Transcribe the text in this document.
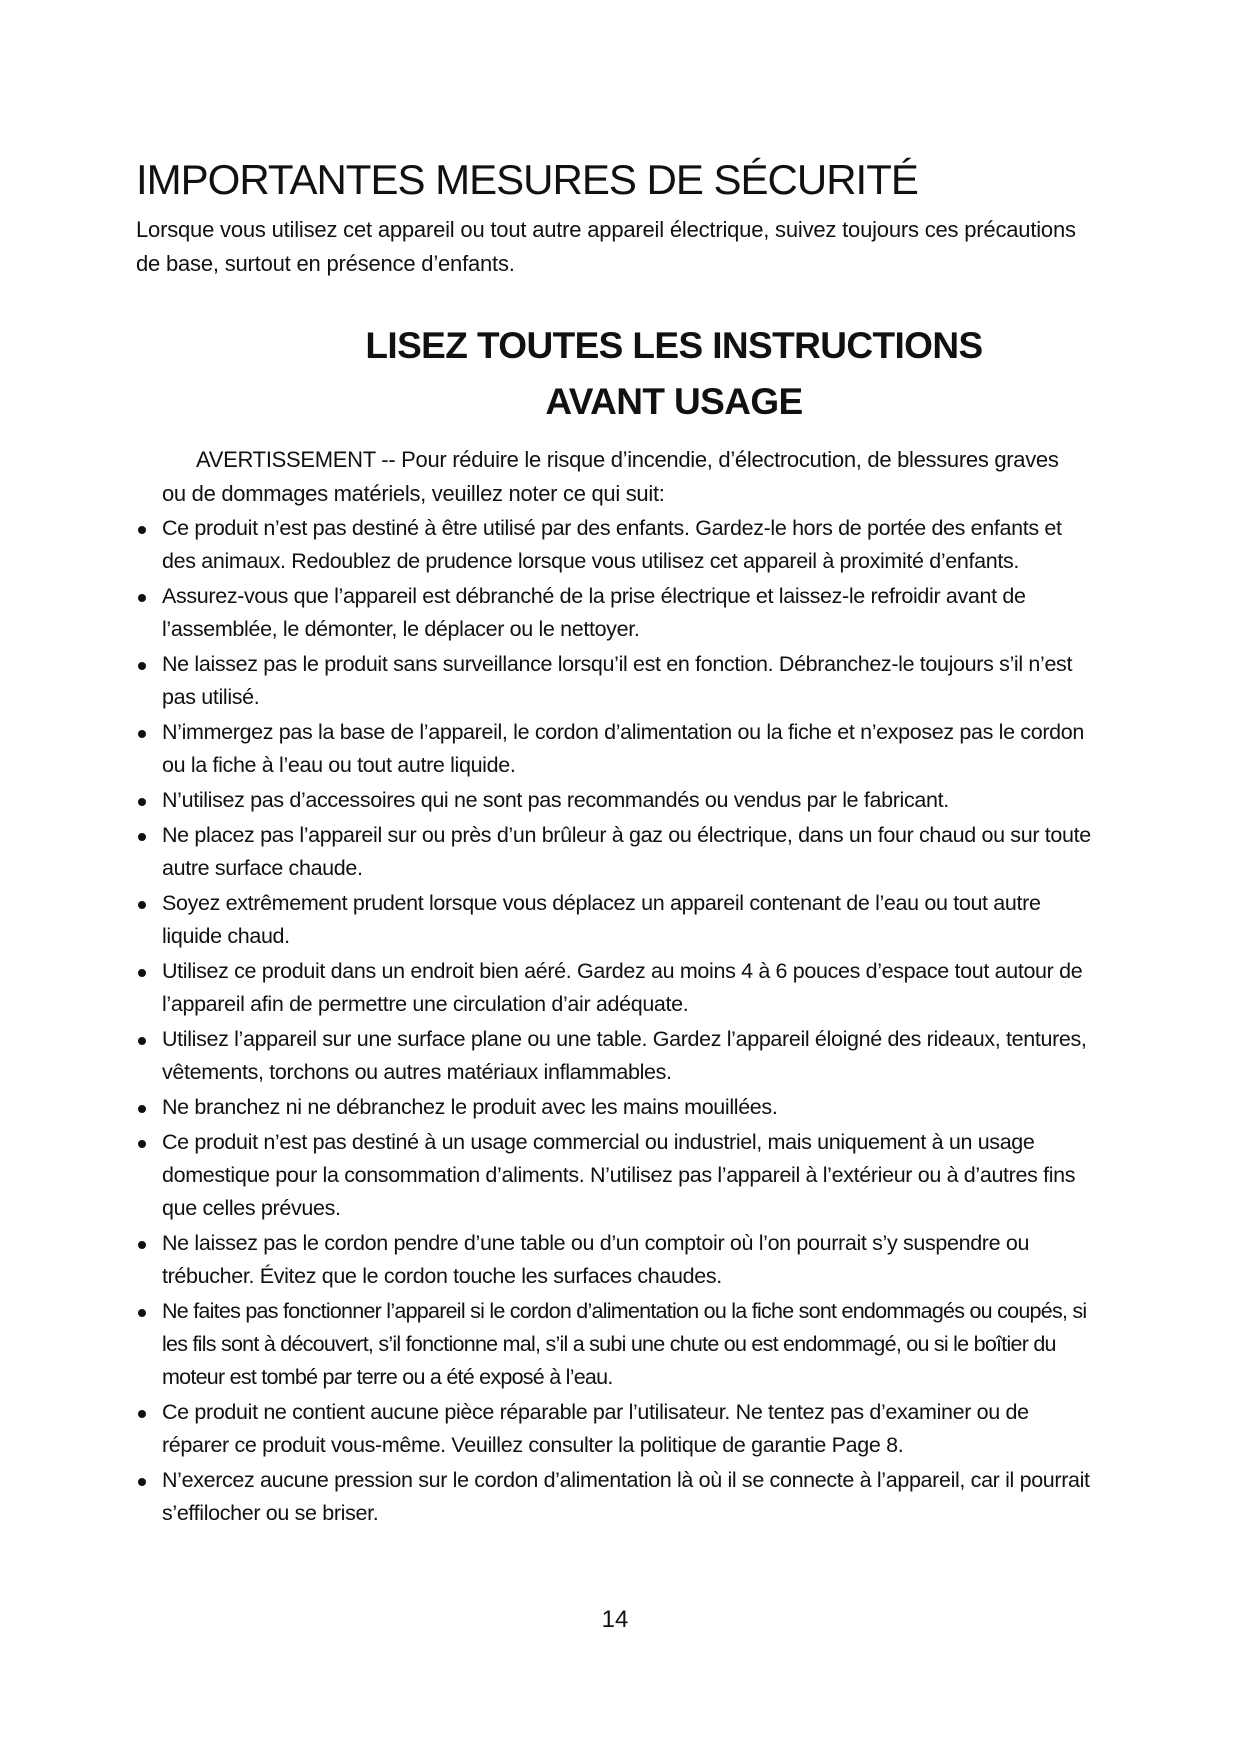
IMPORTANTES MESURES DE SÉCURITÉ

Lorsque vous utilisez cet appareil ou tout autre appareil électrique, suivez toujours ces précautions de base, surtout en présence d’enfants.

LISEZ TOUTES LES INSTRUCTIONS
AVANT USAGE

AVERTISSEMENT -- Pour réduire le risque d’incendie, d’électrocution, de blessures graves ou de dommages matériels, veuillez noter ce qui suit:

Ce produit n’est pas destiné à être utilisé par des enfants. Gardez-le hors de portée des enfants et des animaux. Redoublez de prudence lorsque vous utilisez cet appareil à proximité d’enfants.
Assurez-vous que l’appareil est débranché de la prise électrique et laissez-le refroidir avant de l’assemblée, le démonter, le déplacer ou le nettoyer.
Ne laissez pas le produit sans surveillance lorsqu’il est en fonction. Débranchez-le toujours s’il n’est pas utilisé.
N’immergez pas la base de l’appareil, le cordon d’alimentation ou la fiche et n’exposez pas le cordon ou la fiche à l’eau ou tout autre liquide.
N’utilisez pas d’accessoires qui ne sont pas recommandés ou vendus par le fabricant.
Ne placez pas l’appareil sur ou près d’un brûleur à gaz ou électrique, dans un four chaud ou sur toute autre surface chaude.
Soyez extrêmement prudent lorsque vous déplacez un appareil contenant de l’eau ou tout autre liquide chaud.
Utilisez ce produit dans un endroit bien aéré. Gardez au moins 4 à 6 pouces d’espace tout autour de l’appareil afin de permettre une circulation d’air adéquate.
Utilisez l’appareil sur une surface plane ou une table. Gardez l’appareil éloigné des rideaux, tentures, vêtements, torchons ou autres matériaux inflammables.
Ne branchez ni ne débranchez le produit avec les mains mouillées.
Ce produit n’est pas destiné à un usage commercial ou industriel, mais uniquement à un usage domestique pour la consommation d’aliments. N’utilisez pas l’appareil à l’extérieur ou à d’autres fins que celles prévues.
Ne laissez pas le cordon pendre d’une table ou d’un comptoir où l’on pourrait s’y suspendre ou trébucher. Évitez que le cordon touche les surfaces chaudes.
Ne faites pas fonctionner l’appareil si le cordon d’alimentation ou la fiche sont endommagés ou coupés, si les fils sont à découvert, s’il fonctionne mal, s’il a subi une chute ou est endommagé, ou si le boîtier du moteur est tombé par terre ou a été exposé à l’eau.
Ce produit ne contient aucune pièce réparable par l’utilisateur. Ne tentez pas d’examiner ou de réparer ce produit vous-même. Veuillez consulter la politique de garantie Page 8.
N’exercez aucune pression sur le cordon d’alimentation là où il se connecte à l’appareil, car il pourrait s’effilocher ou se briser.
14
